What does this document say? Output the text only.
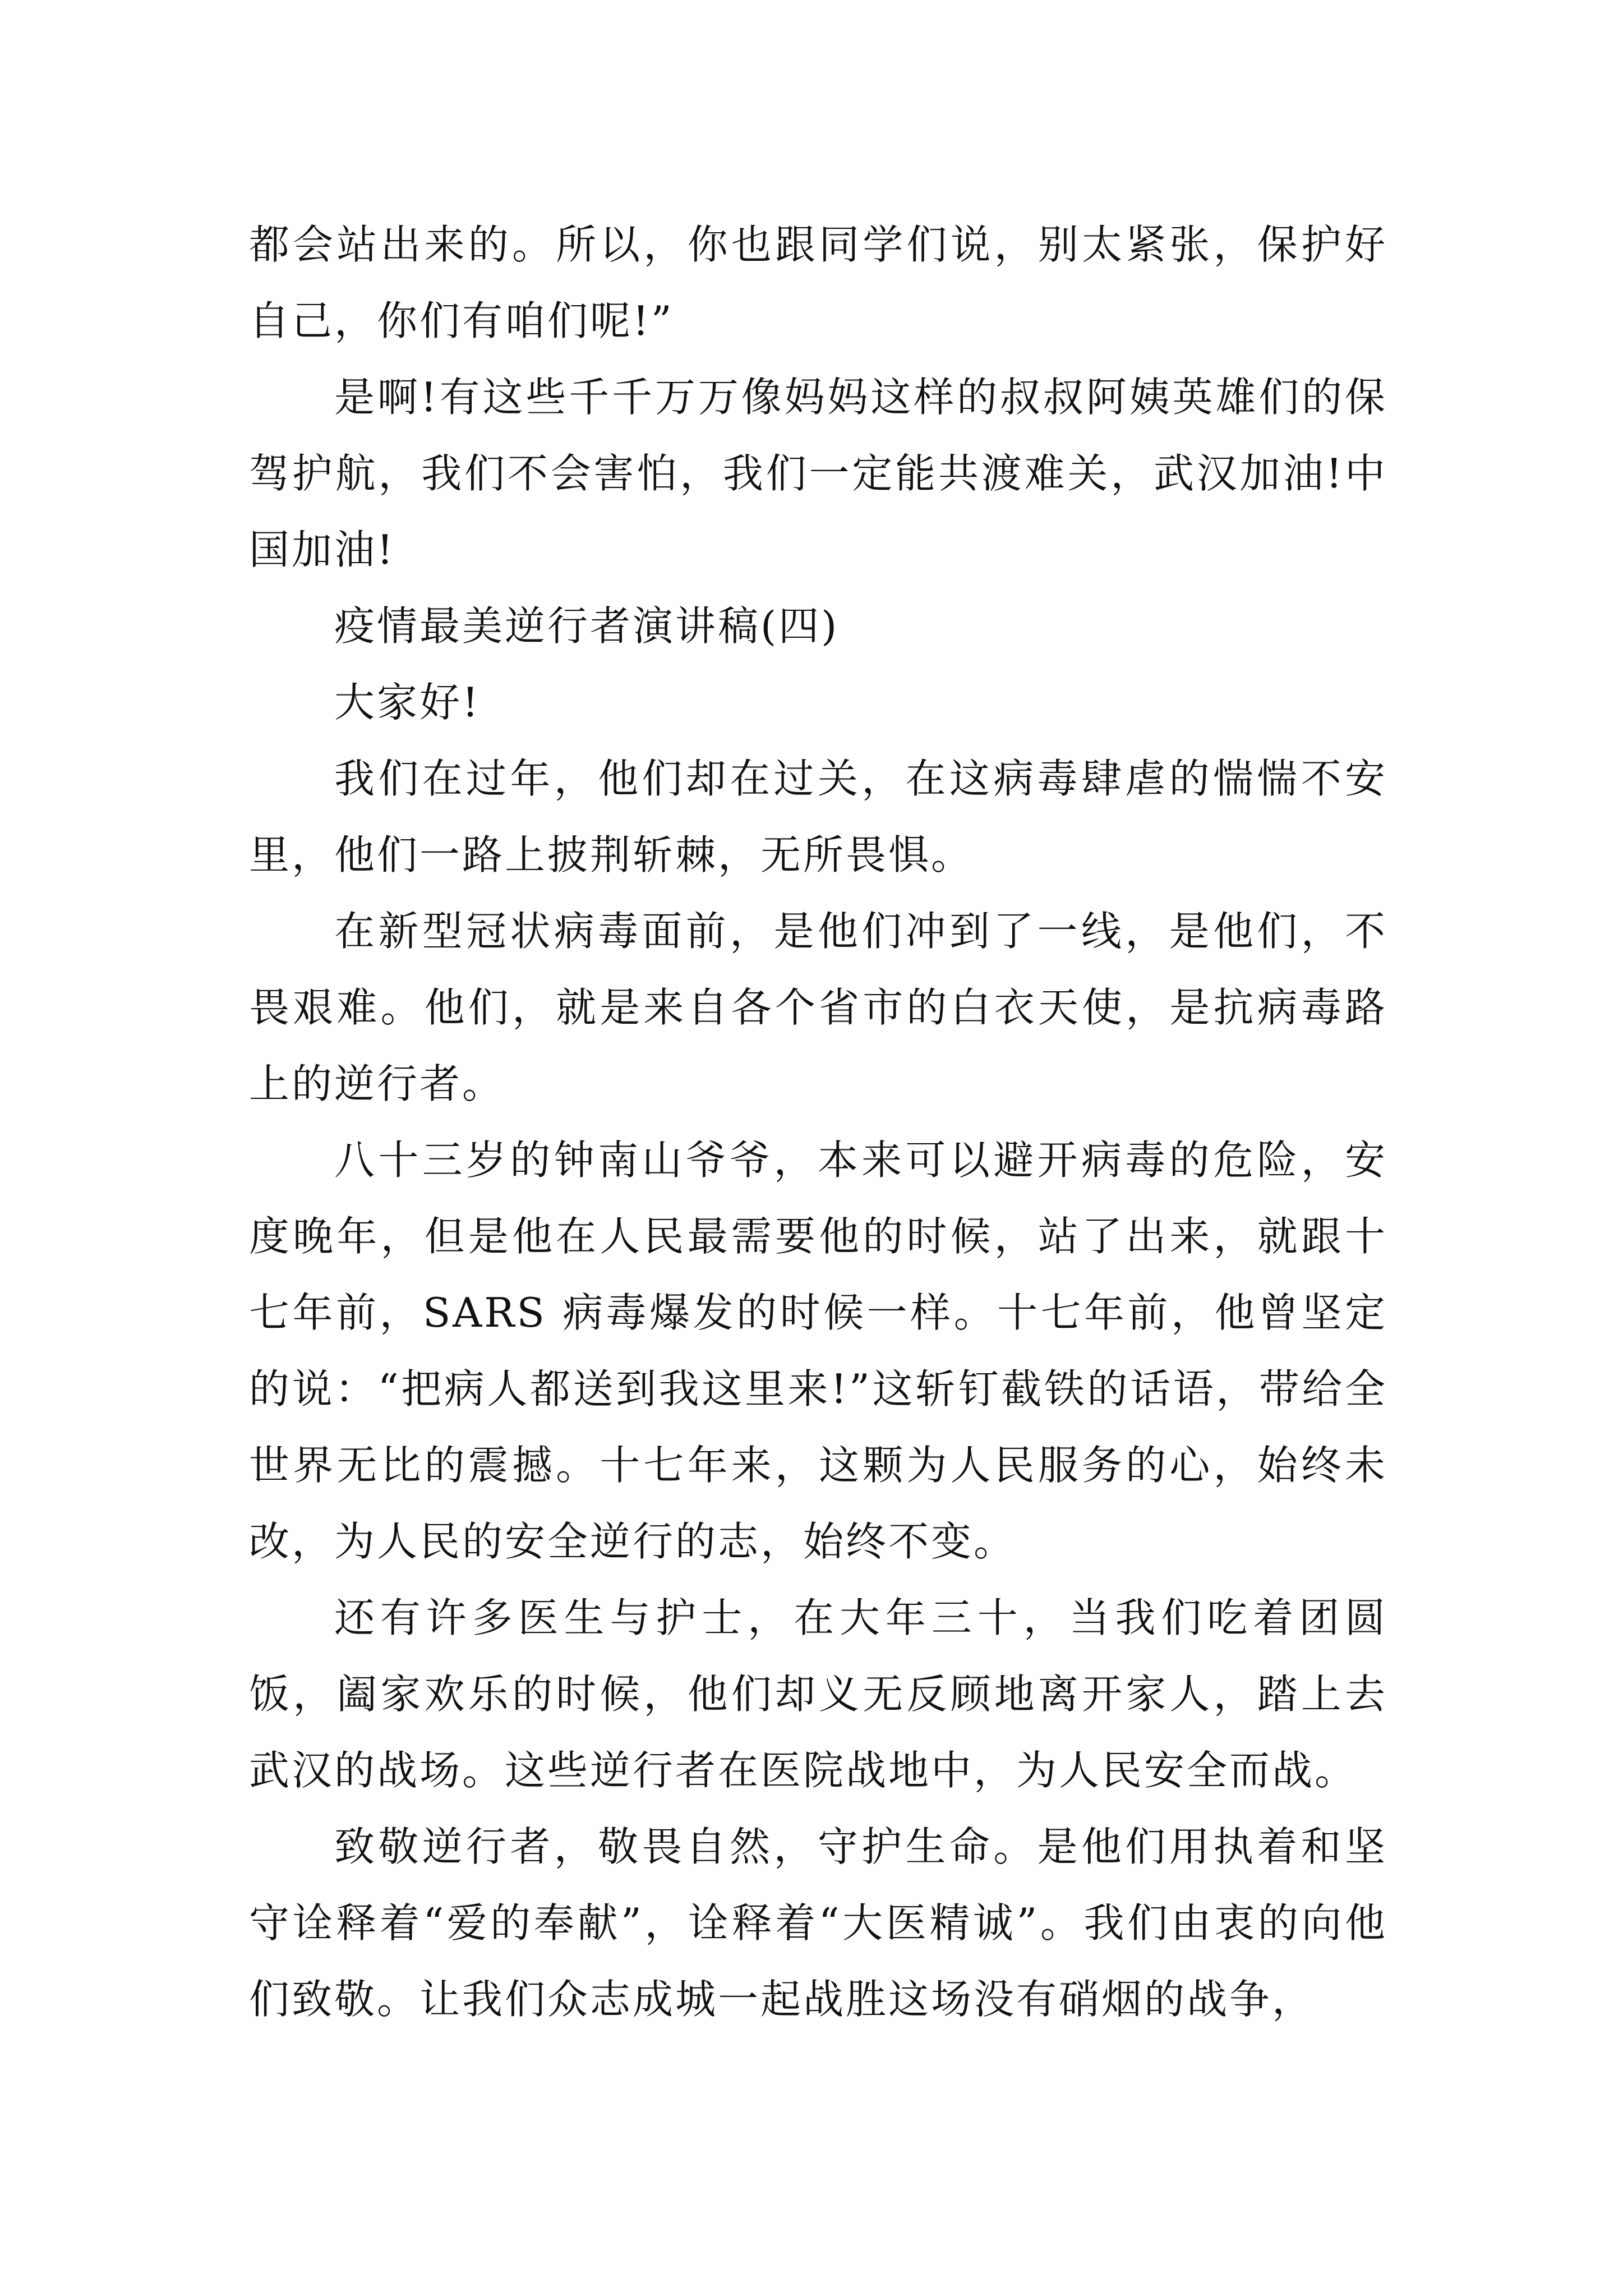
都会站出来的。所以，你也跟同学们说，别太紧张，保护好自己，你们有咱们呢!”

是啊!有这些千千万万像妈妈这样的叔叔阿姨英雄们的保驾护航，我们不会害怕，我们一定能共渡难关，武汉加油!中国加油!

疫情最美逆行者演讲稿(四)

大家好!

我们在过年，他们却在过关，在这病毒肆虐的惴惴不安里，他们一路上披荆斩棘，无所畏惧。

在新型冠状病毒面前，是他们冲到了一线，是他们，不畏艰难。他们，就是来自各个省市的白衣天使，是抗病毒路上的逆行者。

八十三岁的钟南山爷爷，本来可以避开病毒的危险，安度晚年，但是他在人民最需要他的时候，站了出来，就跟十七年前，SARS 病毒爆发的时候一样。十七年前，他曾坚定的说：“把病人都送到我这里来!”这斩钉截铁的话语，带给全世界无比的震撼。十七年来，这颗为人民服务的心，始终未改，为人民的安全逆行的志，始终不变。

还有许多医生与护士，在大年三十，当我们吃着团圆饭，阖家欢乐的时候，他们却义无反顾地离开家人，踏上去武汉的战场。这些逆行者在医院战地中，为人民安全而战。

致敬逆行者，敬畏自然，守护生命。是他们用执着和坚守诠释着“爱的奉献”，诠释着“大医精诚”。我们由衷的向他们致敬。让我们众志成城一起战胜这场没有硝烟的战争，
